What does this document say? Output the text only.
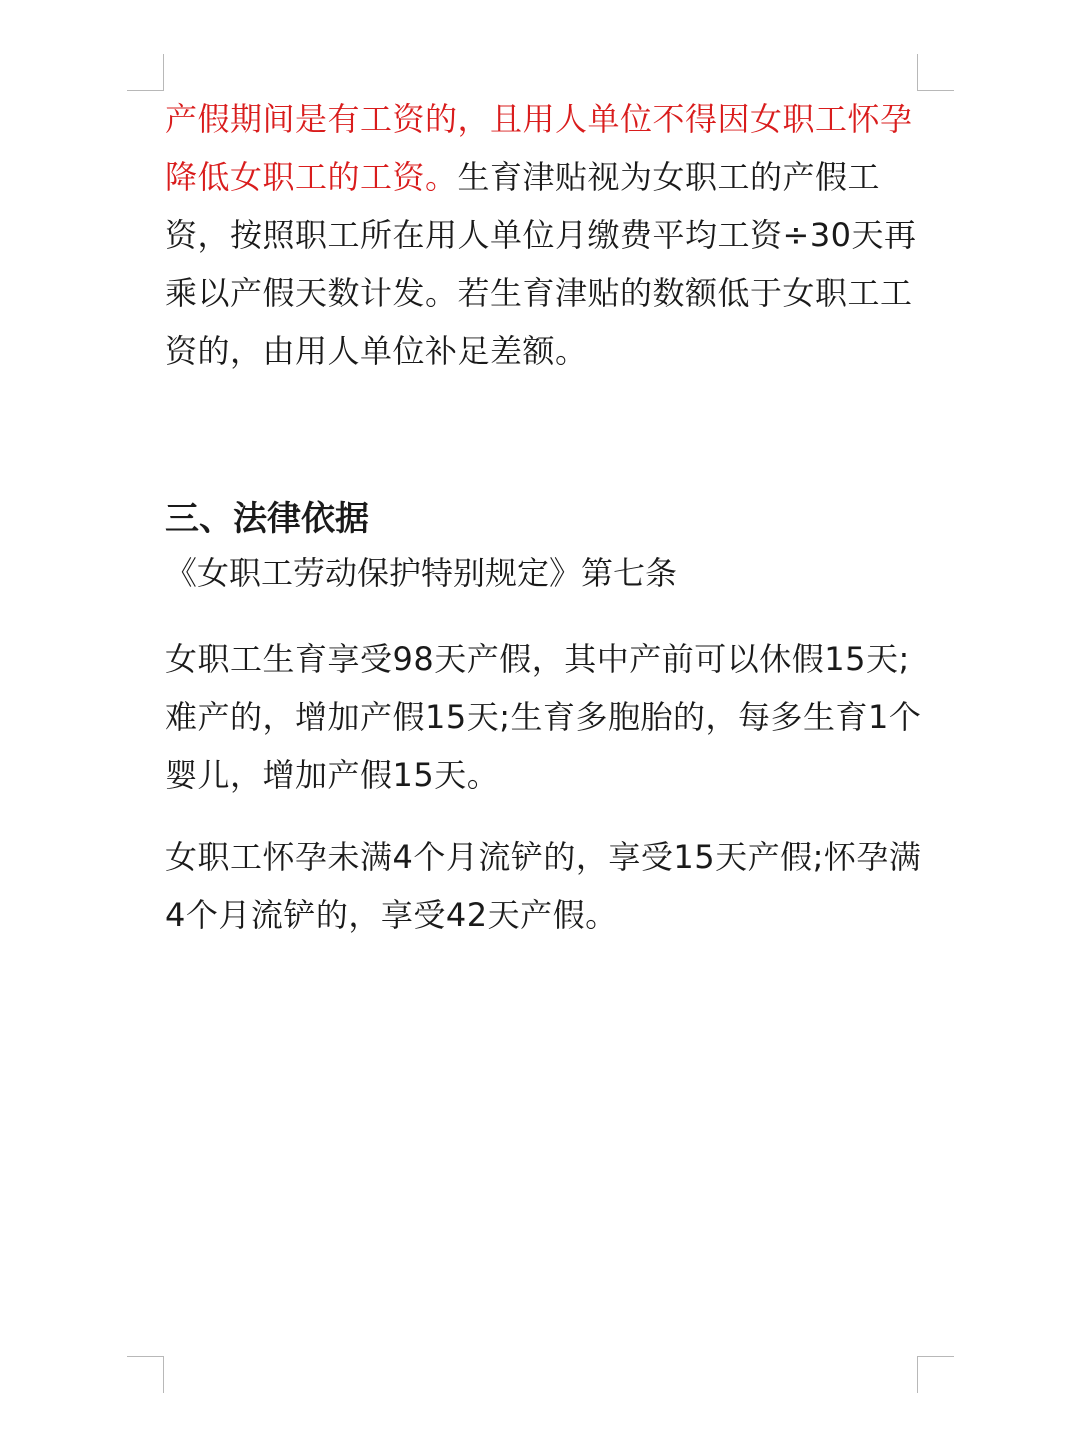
产假期间是有工资的，且用人单位不得因女职工怀孕降低女职工的工资。生育津贴视为女职工的产假工资，按照职工所在用人单位月缴费平均工资÷30天再乘以产假天数计发。若生育津贴的数额低于女职工工资的，由用人单位补足差额。

三、法律依据

《女职工劳动保护特别规定》第七条

女职工生育享受98天产假，其中产前可以休假15天;难产的，增加产假15天;生育多胞胎的，每多生育1个婴儿，增加产假15天。

女职工怀孕未满4个月流铲的，享受15天产假;怀孕满4个月流铲的，享受42天产假。
